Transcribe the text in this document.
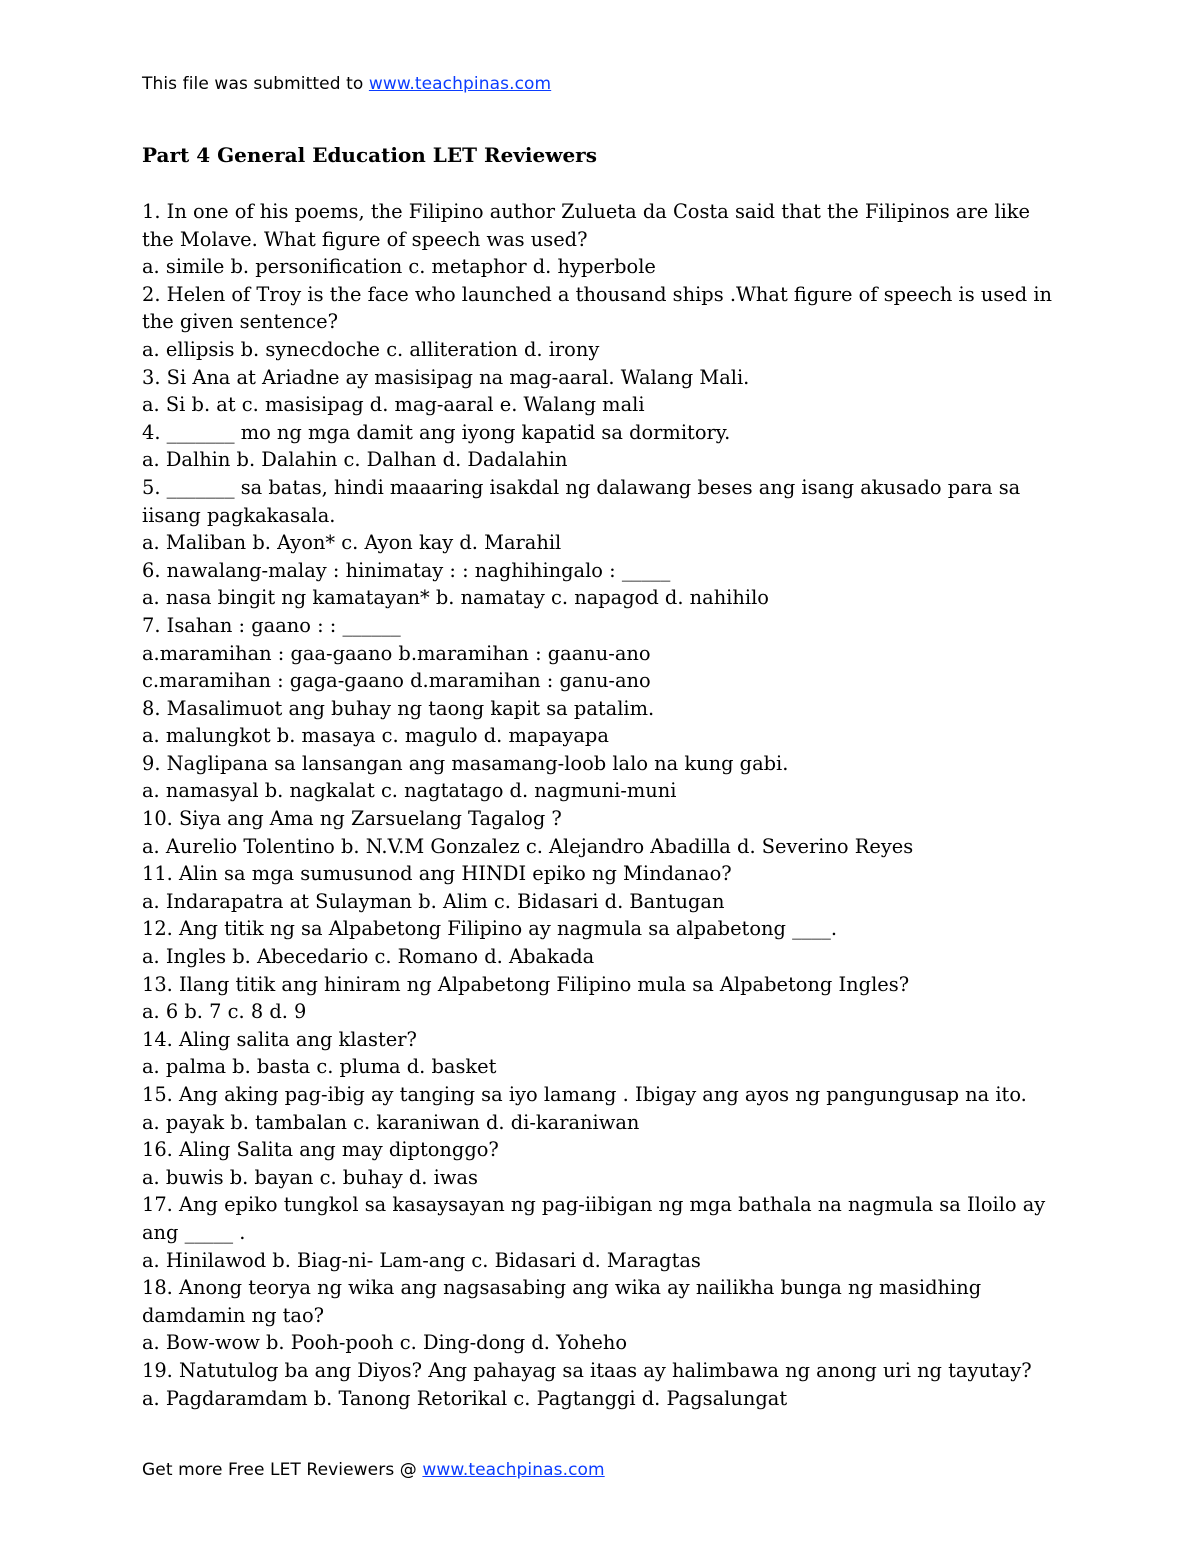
This file was submitted to www.teachpinas.com
Part 4 General Education LET Reviewers
1. In one of his poems, the Filipino author Zulueta da Costa said that the Filipinos are like
the Molave. What figure of speech was used?
a. simile b. personification c. metaphor d. hyperbole
2. Helen of Troy is the face who launched a thousand ships .What figure of speech is used in
the given sentence?
a. ellipsis b. synecdoche c. alliteration d. irony
3. Si Ana at Ariadne ay masisipag na mag-aaral. Walang Mali.
a. Si b. at c. masisipag d. mag-aaral e. Walang mali
4. _______ mo ng mga damit ang iyong kapatid sa dormitory.
a. Dalhin b. Dalahin c. Dalhan d. Dadalahin
5. _______ sa batas, hindi maaaring isakdal ng dalawang beses ang isang akusado para sa
iisang pagkakasala.
a. Maliban b. Ayon* c. Ayon kay d. Marahil
6. nawalang-malay : hinimatay : : naghihingalo : _____
a. nasa bingit ng kamatayan* b. namatay c. napagod d. nahihilo
7. Isahan : gaano : : ______
a.maramihan : gaa-gaano b.maramihan : gaanu-ano
c.maramihan : gaga-gaano d.maramihan : ganu-ano
8. Masalimuot ang buhay ng taong kapit sa patalim.
a. malungkot b. masaya c. magulo d. mapayapa
9. Naglipana sa lansangan ang masamang-loob lalo na kung gabi.
a. namasyal b. nagkalat c. nagtatago d. nagmuni-muni
10. Siya ang Ama ng Zarsuelang Tagalog ?
a. Aurelio Tolentino b. N.V.M Gonzalez c. Alejandro Abadilla d. Severino Reyes
11. Alin sa mga sumusunod ang HINDI epiko ng Mindanao?
a. Indarapatra at Sulayman b. Alim c. Bidasari d. Bantugan
12. Ang titik ng sa Alpabetong Filipino ay nagmula sa alpabetong ____.
a. Ingles b. Abecedario c. Romano d. Abakada
13. Ilang titik ang hiniram ng Alpabetong Filipino mula sa Alpabetong Ingles?
a. 6 b. 7 c. 8 d. 9
14. Aling salita ang klaster?
a. palma b. basta c. pluma d. basket
15. Ang aking pag-ibig ay tanging sa iyo lamang . Ibigay ang ayos ng pangungusap na ito.
a. payak b. tambalan c. karaniwan d. di-karaniwan
16. Aling Salita ang may diptonggo?
a. buwis b. bayan c. buhay d. iwas
17. Ang epiko tungkol sa kasaysayan ng pag-iibigan ng mga bathala na nagmula sa Iloilo ay
ang _____ .
a. Hinilawod b. Biag-ni- Lam-ang c. Bidasari d. Maragtas
18. Anong teorya ng wika ang nagsasabing ang wika ay nailikha bunga ng masidhing
damdamin ng tao?
a. Bow-wow b. Pooh-pooh c. Ding-dong d. Yoheho
19. Natutulog ba ang Diyos? Ang pahayag sa itaas ay halimbawa ng anong uri ng tayutay?
a. Pagdaramdam b. Tanong Retorikal c. Pagtanggi d. Pagsalungat
Get more Free LET Reviewers @ www.teachpinas.com
